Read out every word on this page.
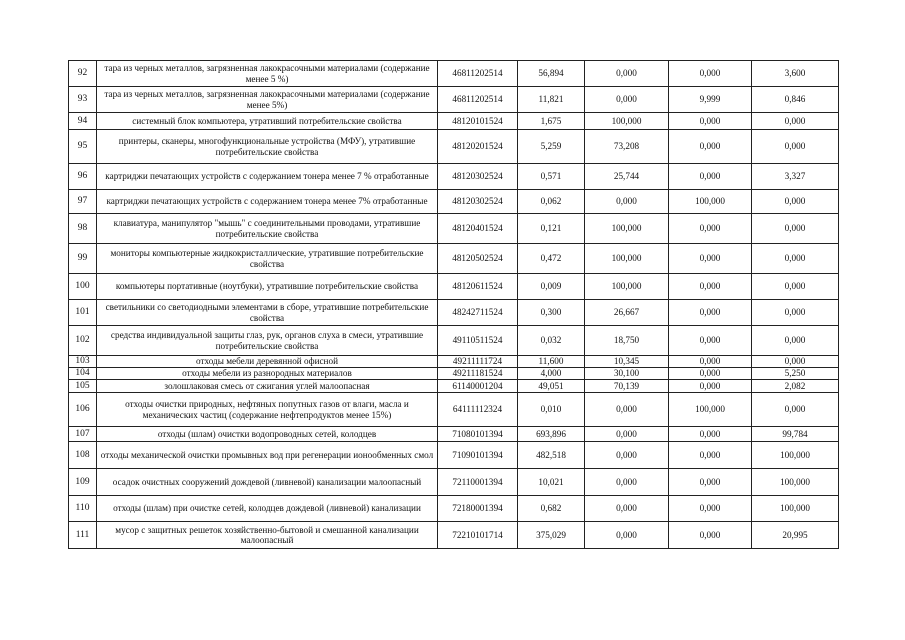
92	тара из черных металлов, загрязненная лакокрасочными материалами (содержание менее 5 %)	46811202514	56,894	0,000	0,000	3,600
93	тара из черных металлов, загрязненная лакокрасочными материалами (содержание менее 5%)	46811202514	11,821	0,000	9,999	0,846
94	системный блок компьютера, утративший потребительские свойства	48120101524	1,675	100,000	0,000	0,000
95	принтеры, сканеры, многофункциональные устройства (МФУ), утратившие потребительские свойства	48120201524	5,259	73,208	0,000	0,000
96	картриджи печатающих устройств с содержанием тонера менее 7 % отработанные	48120302524	0,571	25,744	0,000	3,327
97	картриджи печатающих устройств с содержанием тонера менее 7% отработанные	48120302524	0,062	0,000	100,000	0,000
98	клавиатура, манипулятор "мышь" с соединительными проводами, утратившие потребительские свойства	48120401524	0,121	100,000	0,000	0,000
99	мониторы компьютерные жидкокристаллические, утратившие потребительские свойства	48120502524	0,472	100,000	0,000	0,000
100	компьютеры портативные (ноутбуки), утратившие потребительские свойства	48120611524	0,009	100,000	0,000	0,000
101	светильники со светодиодными элементами в сборе, утратившие потребительские свойства	48242711524	0,300	26,667	0,000	0,000
102	средства индивидуальной защиты глаз, рук, органов слуха в смеси, утратившие потребительские свойства	49110511524	0,032	18,750	0,000	0,000
103	отходы мебели деревянной офисной	49211111724	11,600	10,345	0,000	0,000
104	отходы мебели из разнородных материалов	49211181524	4,000	30,100	0,000	5,250
105	золошлаковая смесь от сжигания углей малоопасная	61140001204	49,051	70,139	0,000	2,082
106	отходы очистки природных, нефтяных попутных газов от влаги, масла и механических частиц (содержание нефтепродуктов менее 15%)	64111112324	0,010	0,000	100,000	0,000
107	отходы (шлам) очистки водопроводных сетей, колодцев	71080101394	693,896	0,000	0,000	99,784
108	отходы механической очистки промывных вод при регенерации ионообменных смол	71090101394	482,518	0,000	0,000	100,000
109	осадок очистных сооружений дождевой (ливневой) канализации малоопасный	72110001394	10,021	0,000	0,000	100,000
110	отходы (шлам) при очистке сетей, колодцев дождевой (ливневой) канализации	72180001394	0,682	0,000	0,000	100,000
111	мусор с защитных решеток хозяйственно-бытовой и смешанной канализации малоопасный	72210101714	375,029	0,000	0,000	20,995
